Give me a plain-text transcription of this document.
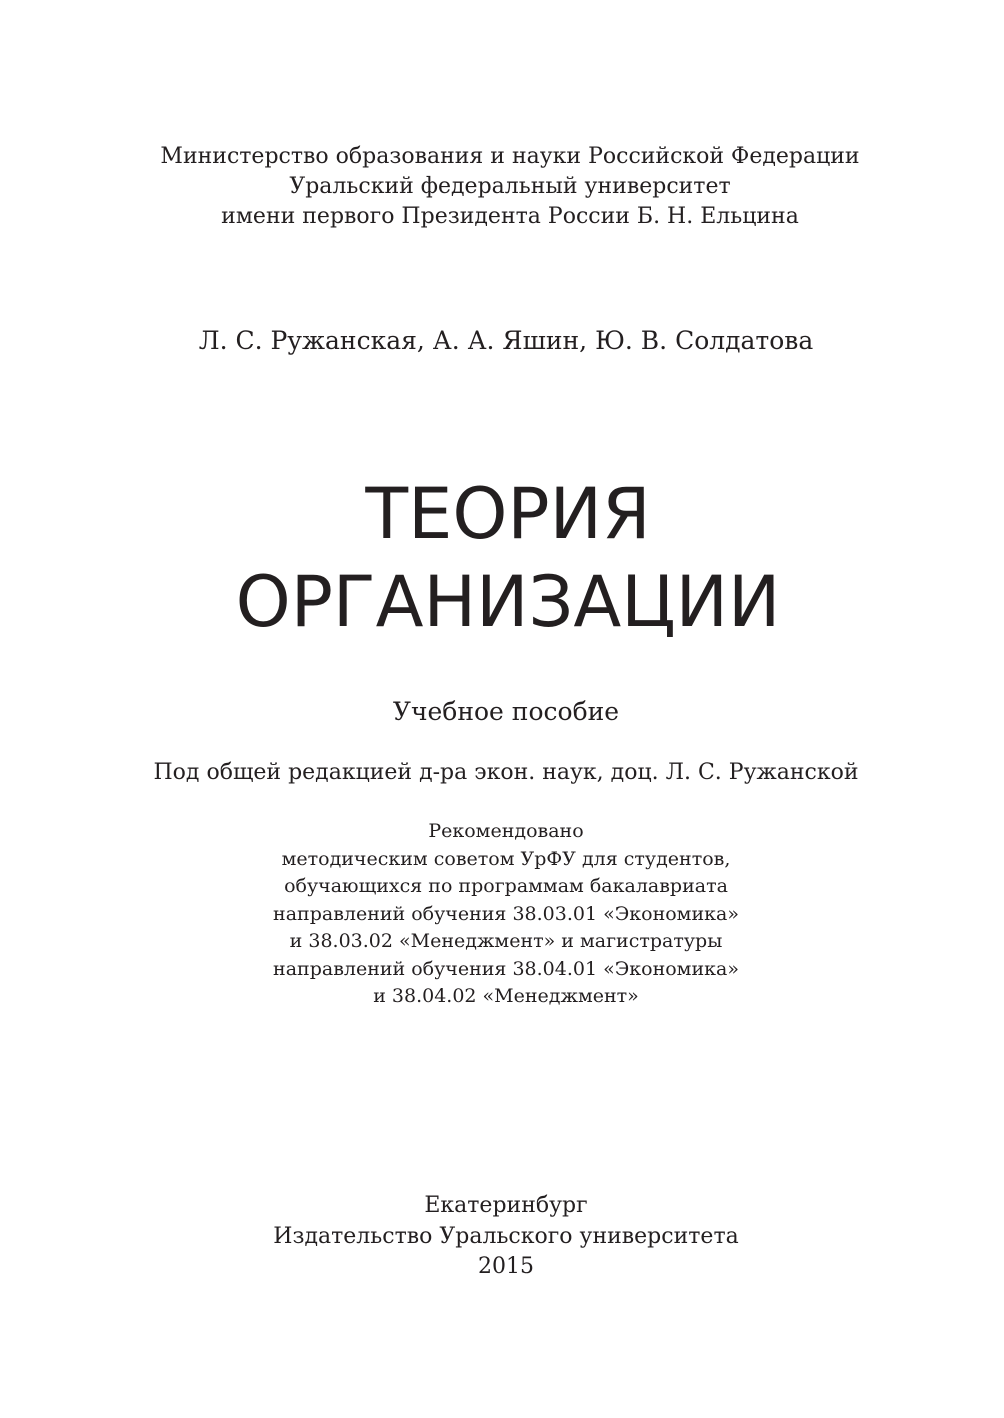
Министерство образования и науки Российской Федерации
Уральский федеральный университет
имени первого Президента России Б. Н. Ельцина
Л. С. Ружанская, А. А. Яшин, Ю. В. Солдатова
ТЕОРИЯ
ОРГАНИЗАЦИИ
Учебное пособие
Под общей редакцией д-ра экон. наук, доц. Л. С. Ружанской
Рекомендовано
методическим советом УрФУ для студентов,
обучающихся по программам бакалавриата
направлений обучения 38.03.01 «Экономика»
и 38.03.02 «Менеджмент» и магистратуры
направлений обучения 38.04.01 «Экономика»
и 38.04.02 «Менеджмент»
Екатеринбург
Издательство Уральского университета
2015
